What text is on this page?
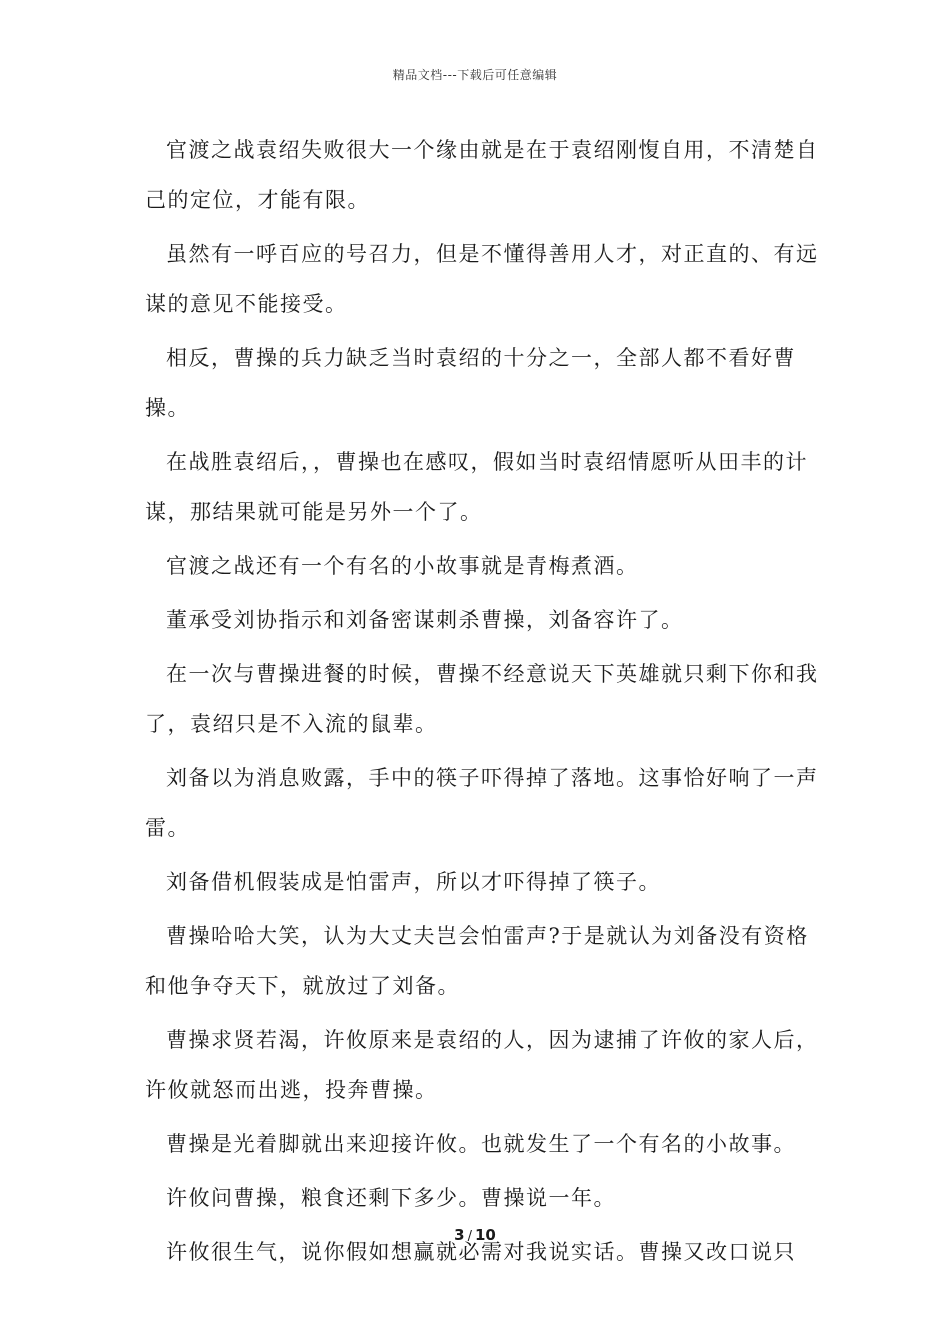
精品文档---下载后可任意编辑

官渡之战袁绍失败很大一个缘由就是在于袁绍刚愎自用，不清楚自己的定位，才能有限。

虽然有一呼百应的号召力，但是不懂得善用人才，对正直的、有远谋的意见不能接受。

相反，曹操的兵力缺乏当时袁绍的十分之一，全部人都不看好曹操。

在战胜袁绍后，，曹操也在感叹，假如当时袁绍情愿听从田丰的计谋，那结果就可能是另外一个了。

官渡之战还有一个有名的小故事就是青梅煮酒。

董承受刘协指示和刘备密谋刺杀曹操，刘备容许了。

在一次与曹操进餐的时候，曹操不经意说天下英雄就只剩下你和我了，袁绍只是不入流的鼠辈。

刘备以为消息败露，手中的筷子吓得掉了落地。这事恰好响了一声雷。

刘备借机假装成是怕雷声，所以才吓得掉了筷子。

曹操哈哈大笑，认为大丈夫岂会怕雷声?于是就认为刘备没有资格和他争夺天下，就放过了刘备。

曹操求贤若渴，许攸原来是袁绍的人，因为逮捕了许攸的家人后，许攸就怒而出逃，投奔曹操。

曹操是光着脚就出来迎接许攸。也就发生了一个有名的小故事。

许攸问曹操，粮食还剩下多少。曹操说一年。

许攸很生气，说你假如想赢就必需对我说实话。曹操又改口说只

3 / 10
